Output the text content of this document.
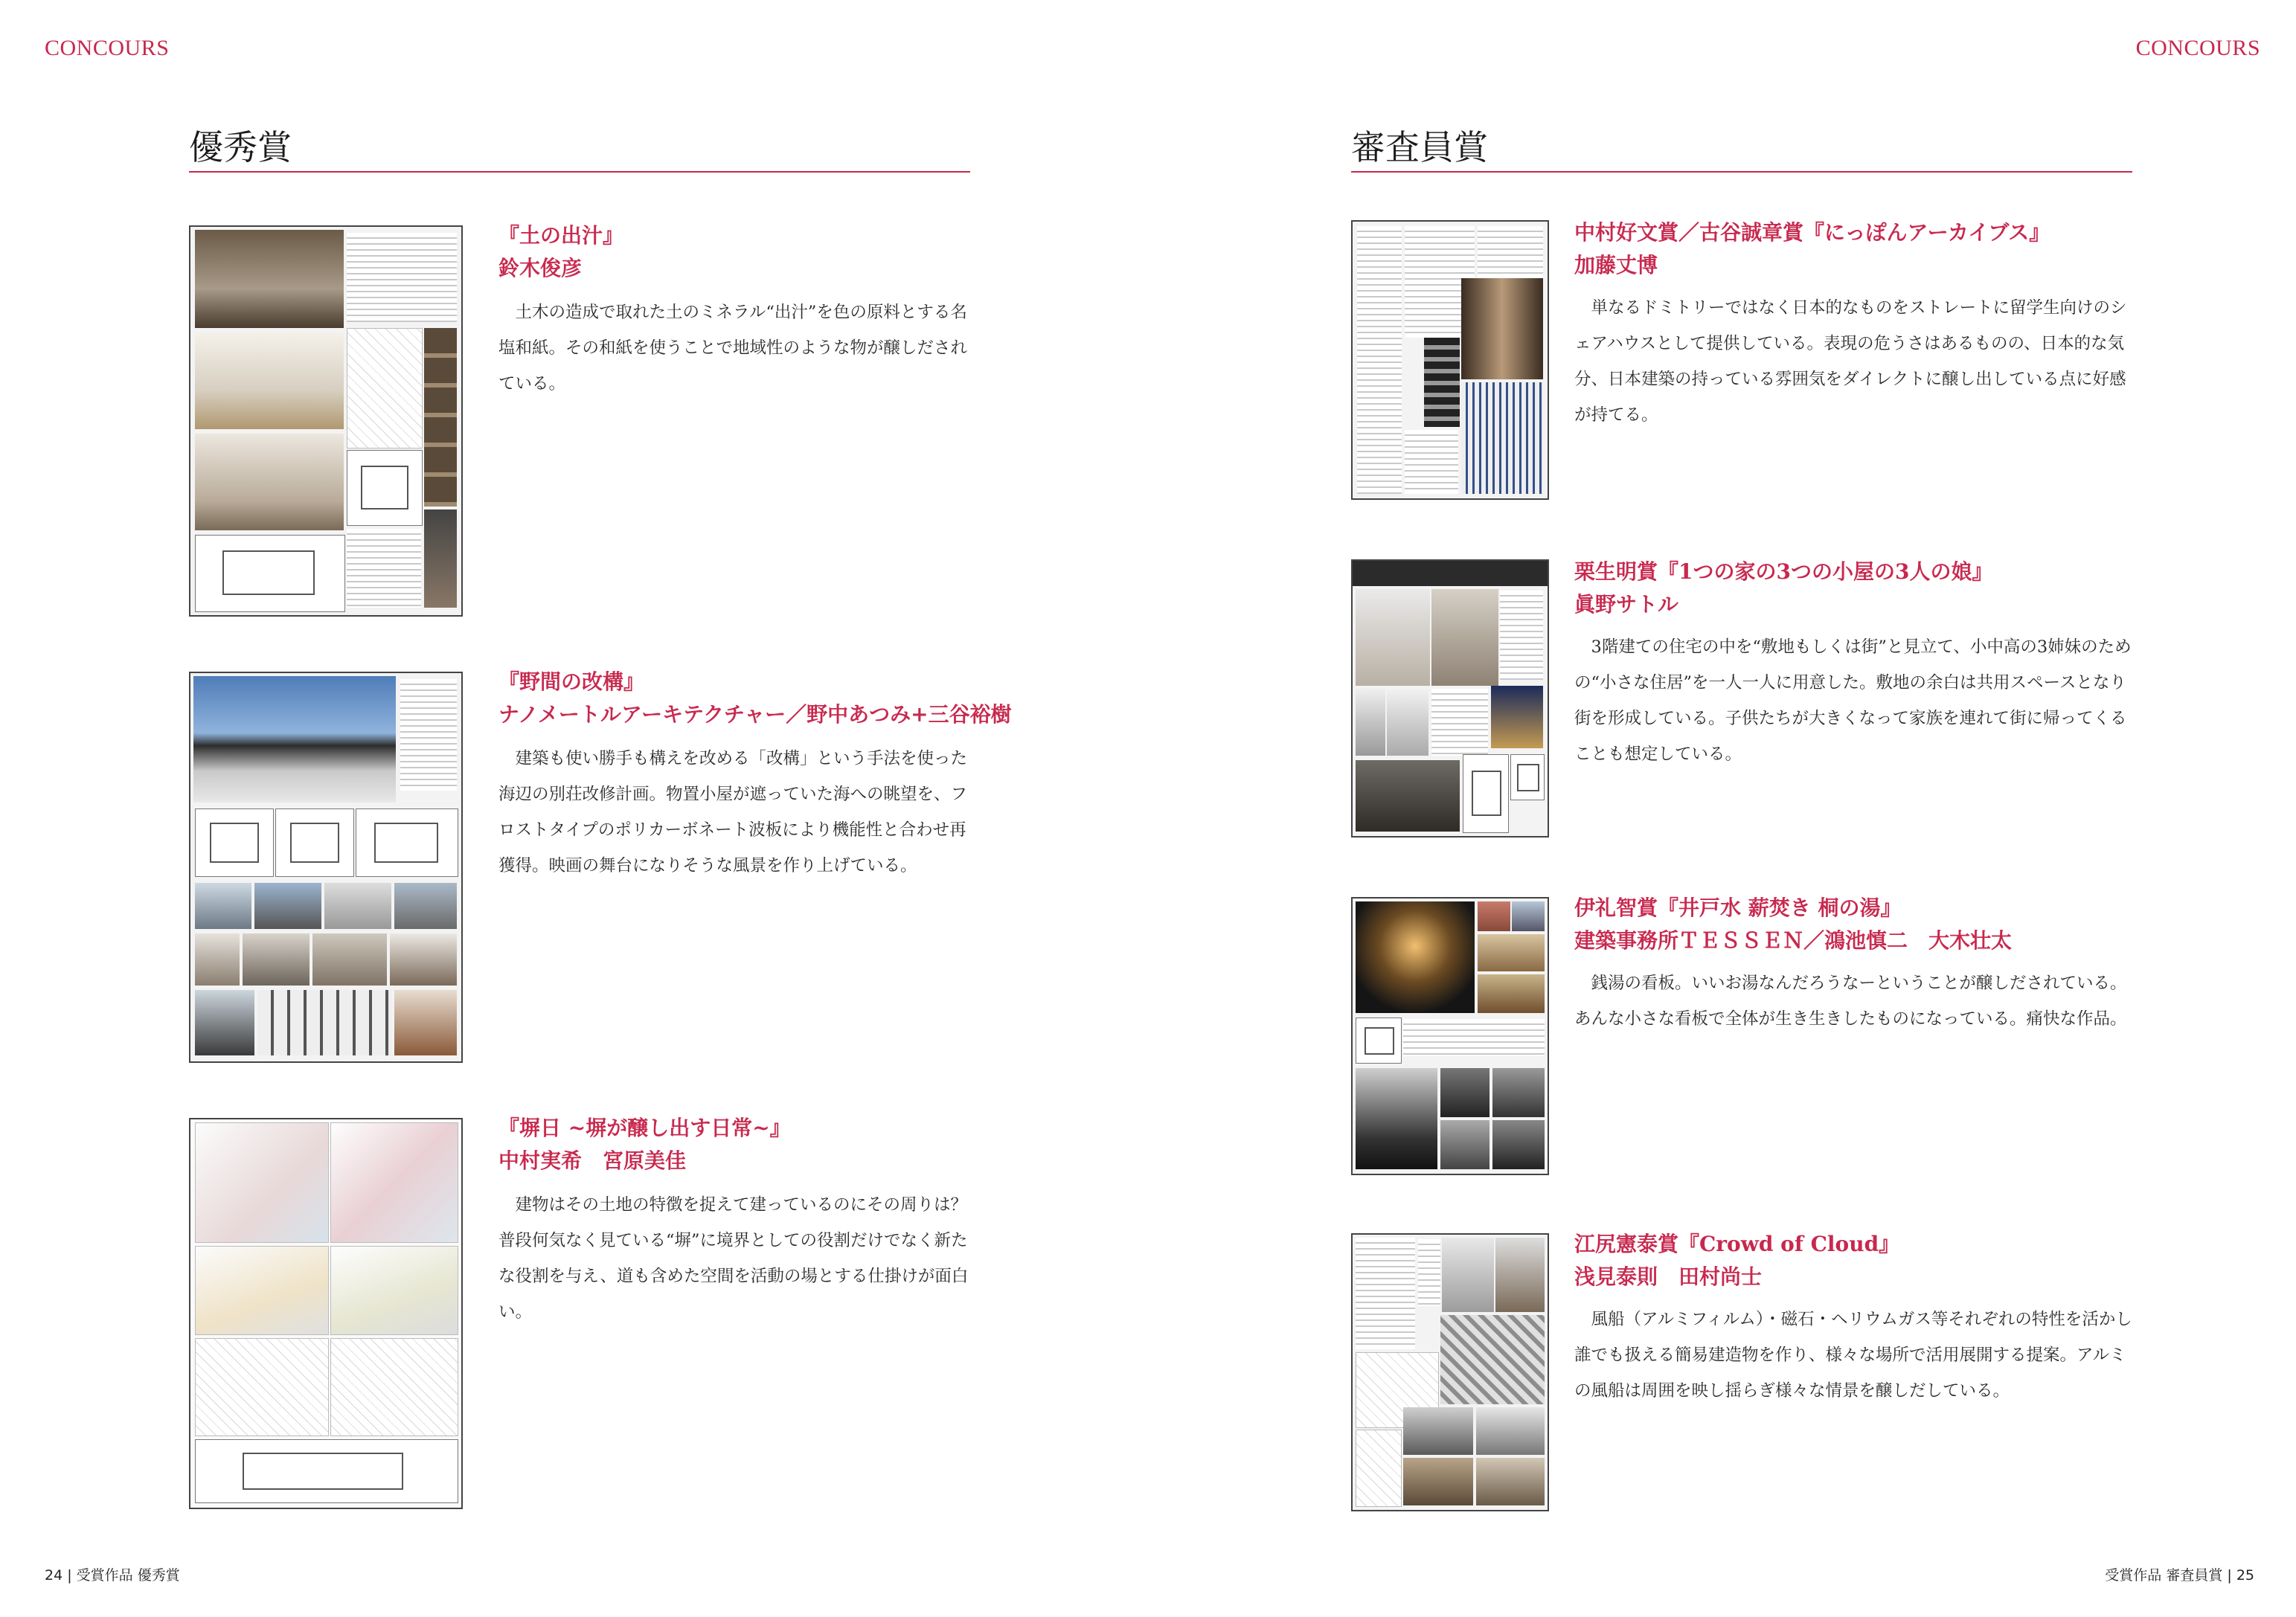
CONCOURS	CONCOURS
優秀賞	審査員賞
『土の出汁』
鈴木俊彦

土木の造成で取れた土のミネラル“出汁”を色の原料とする名塩和紙。その和紙を使うことで地域性のような物が醸しだされている。

『野間の改構』
ナノメートルアーキテクチャー／野中あつみ+三谷裕樹

建築も使い勝手も構えを改める「改構」という手法を使った海辺の別荘改修計画。物置小屋が遮っていた海への眺望を、フロストタイプのポリカーボネート波板により機能性と合わせ再獲得。映画の舞台になりそうな風景を作り上げている。

『塀日 ~塀が醸し出す日常~』
中村実希　宮原美佳

建物はその土地の特徴を捉えて建っているのにその周りは？普段何気なく見ている“塀”に境界としての役割だけでなく新たな役割を与え、道も含めた空間を活動の場とする仕掛けが面白い。

中村好文賞／古谷誠章賞『にっぽんアーカイブス』
加藤丈博

単なるドミトリーではなく日本的なものをストレートに留学生向けのシェアハウスとして提供している。表現の危うさはあるものの、日本的な気分、日本建築の持っている雰囲気をダイレクトに醸し出している点に好感が持てる。

栗生明賞『1つの家の3つの小屋の3人の娘』
眞野サトル

3階建ての住宅の中を“敷地もしくは街”と見立て、小中高の3姉妹のための“小さな住居”を一人一人に用意した。敷地の余白は共用スペースとなり街を形成している。子供たちが大きくなって家族を連れて街に帰ってくることも想定している。

伊礼智賞『井戸水 薪焚き 桐の湯』
建築事務所ＴＥＳＳＥＮ／鴻池慎二　大木壮太

銭湯の看板。いいお湯なんだろうなーということが醸しだされている。あんな小さな看板で全体が生き生きしたものになっている。痛快な作品。

江尻憲泰賞『Crowd of Cloud』
浅見泰則　田村尚士

風船（アルミフィルム）・磁石・ヘリウムガス等それぞれの特性を活かし誰でも扱える簡易建造物を作り、様々な場所で活用展開する提案。アルミの風船は周囲を映し揺らぎ様々な情景を醸しだしている。

24 | 受賞作品 優秀賞	受賞作品 審査員賞 | 25
